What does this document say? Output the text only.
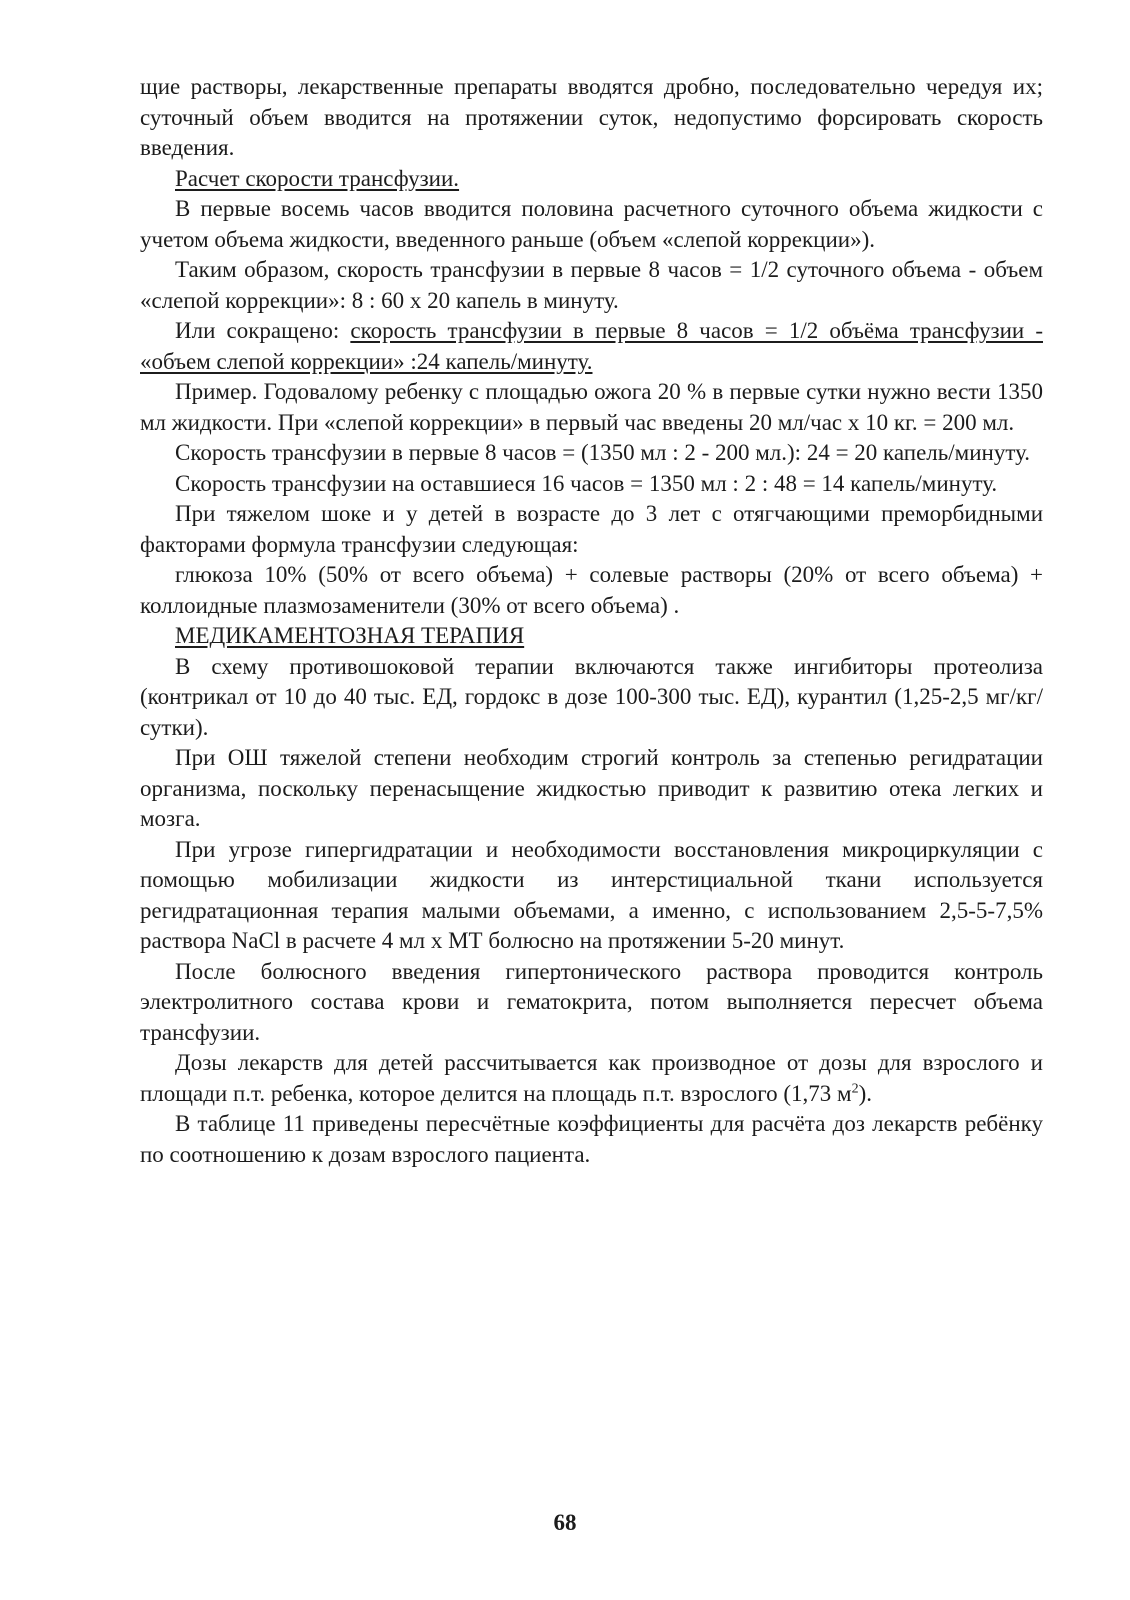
щие растворы, лекарственные препараты вводятся дробно, последовательно чередуя их; суточный объем вводится на протяжении суток, недопустимо форсировать скорость введения.

Расчет скорости трансфузии.

В первые восемь часов вводится половина расчетного суточного объема жидкости с учетом объема жидкости, введенного раньше (объем «слепой коррекции»).

Таким образом, скорость трансфузии в первые 8 часов = 1/2 суточного объема - объем «слепой коррекции»: 8 : 60 х 20 капель в минуту.

Или сокращено: скорость трансфузии в первые 8 часов = 1/2 объёма трансфузии - «объем слепой коррекции» :24 капель/минуту.

Пример. Годовалому ребенку с площадью ожога 20 % в первые сутки нужно вести 1350 мл жидкости. При «слепой коррекции» в первый час введены 20 мл/час х 10 кг. = 200 мл.

Скорость трансфузии в первые 8 часов = (1350 мл : 2 - 200 мл.): 24 = 20 капель/минуту.

Скорость трансфузии на оставшиеся 16 часов = 1350 мл : 2 : 48 = 14 капель/минуту.

При тяжелом шоке и у детей в возрасте до 3 лет с отягчающими преморбидными факторами формула трансфузии следующая:

глюкоза 10% (50% от всего объема) + солевые растворы (20% от всего объема) + коллоидные плазмозаменители (30% от всего объема) .

МЕДИКАМЕНТОЗНАЯ ТЕРАПИЯ

В схему противошоковой терапии включаются также ингибиторы протеолиза (контрикал от 10 до 40 тыс. ЕД, гордокс в дозе 100-300 тыс. ЕД), курантил (1,25-2,5 мг/кг/сутки).

При ОШ тяжелой степени необходим строгий контроль за степенью регидратации организма, поскольку перенасыщение жидкостью приводит к развитию отека легких и мозга.

При угрозе гипергидратации и необходимости восстановления микроциркуляции с помощью мобилизации жидкости из интерстициальной ткани используется регидратационная терапия малыми объемами, а именно, с использованием 2,5-5-7,5% раствора NaCl в расчете 4 мл х МТ болюсно на протяжении 5-20 минут.

После болюсного введения гипертонического раствора проводится контроль электролитного состава крови и гематокрита, потом выполняется пересчет объема трансфузии.

Дозы лекарств для детей рассчитывается как производное от дозы для взрослого и площади п.т. ребенка, которое делится на площадь п.т. взрослого (1,73 $м^2$).

В таблице 11 приведены пересчётные коэффициенты для расчёта доз лекарств ребёнку по соотношению к дозам взрослого пациента.

68
